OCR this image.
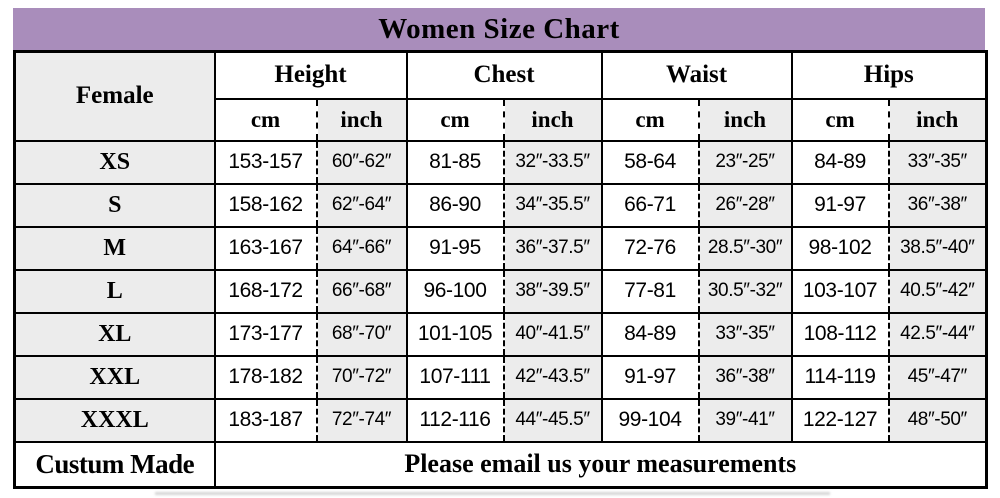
Women Size Chart
Female	Height		Chest		Waist		Hips	
	cm	inch	cm	inch	cm	inch	cm	inch
XS	153-157	60″-62″	81-85	32″-33.5″	58-64	23″-25″	84-89	33″-35″
S	158-162	62″-64″	86-90	34″-35.5″	66-71	26″-28″	91-97	36″-38″
M	163-167	64″-66″	91-95	36″-37.5″	72-76	28.5″-30″	98-102	38.5″-40″
L	168-172	66″-68″	96-100	38″-39.5″	77-81	30.5″-32″	103-107	40.5″-42″
XL	173-177	68″-70″	101-105	40″-41.5″	84-89	33″-35″	108-112	42.5″-44″
XXL	178-182	70″-72″	107-111	42″-43.5″	91-97	36″-38″	114-119	45″-47″
XXXL	183-187	72″-74″	112-116	44″-45.5″	99-104	39″-41″	122-127	48″-50″
Custum Made	Please email us your measurements							
